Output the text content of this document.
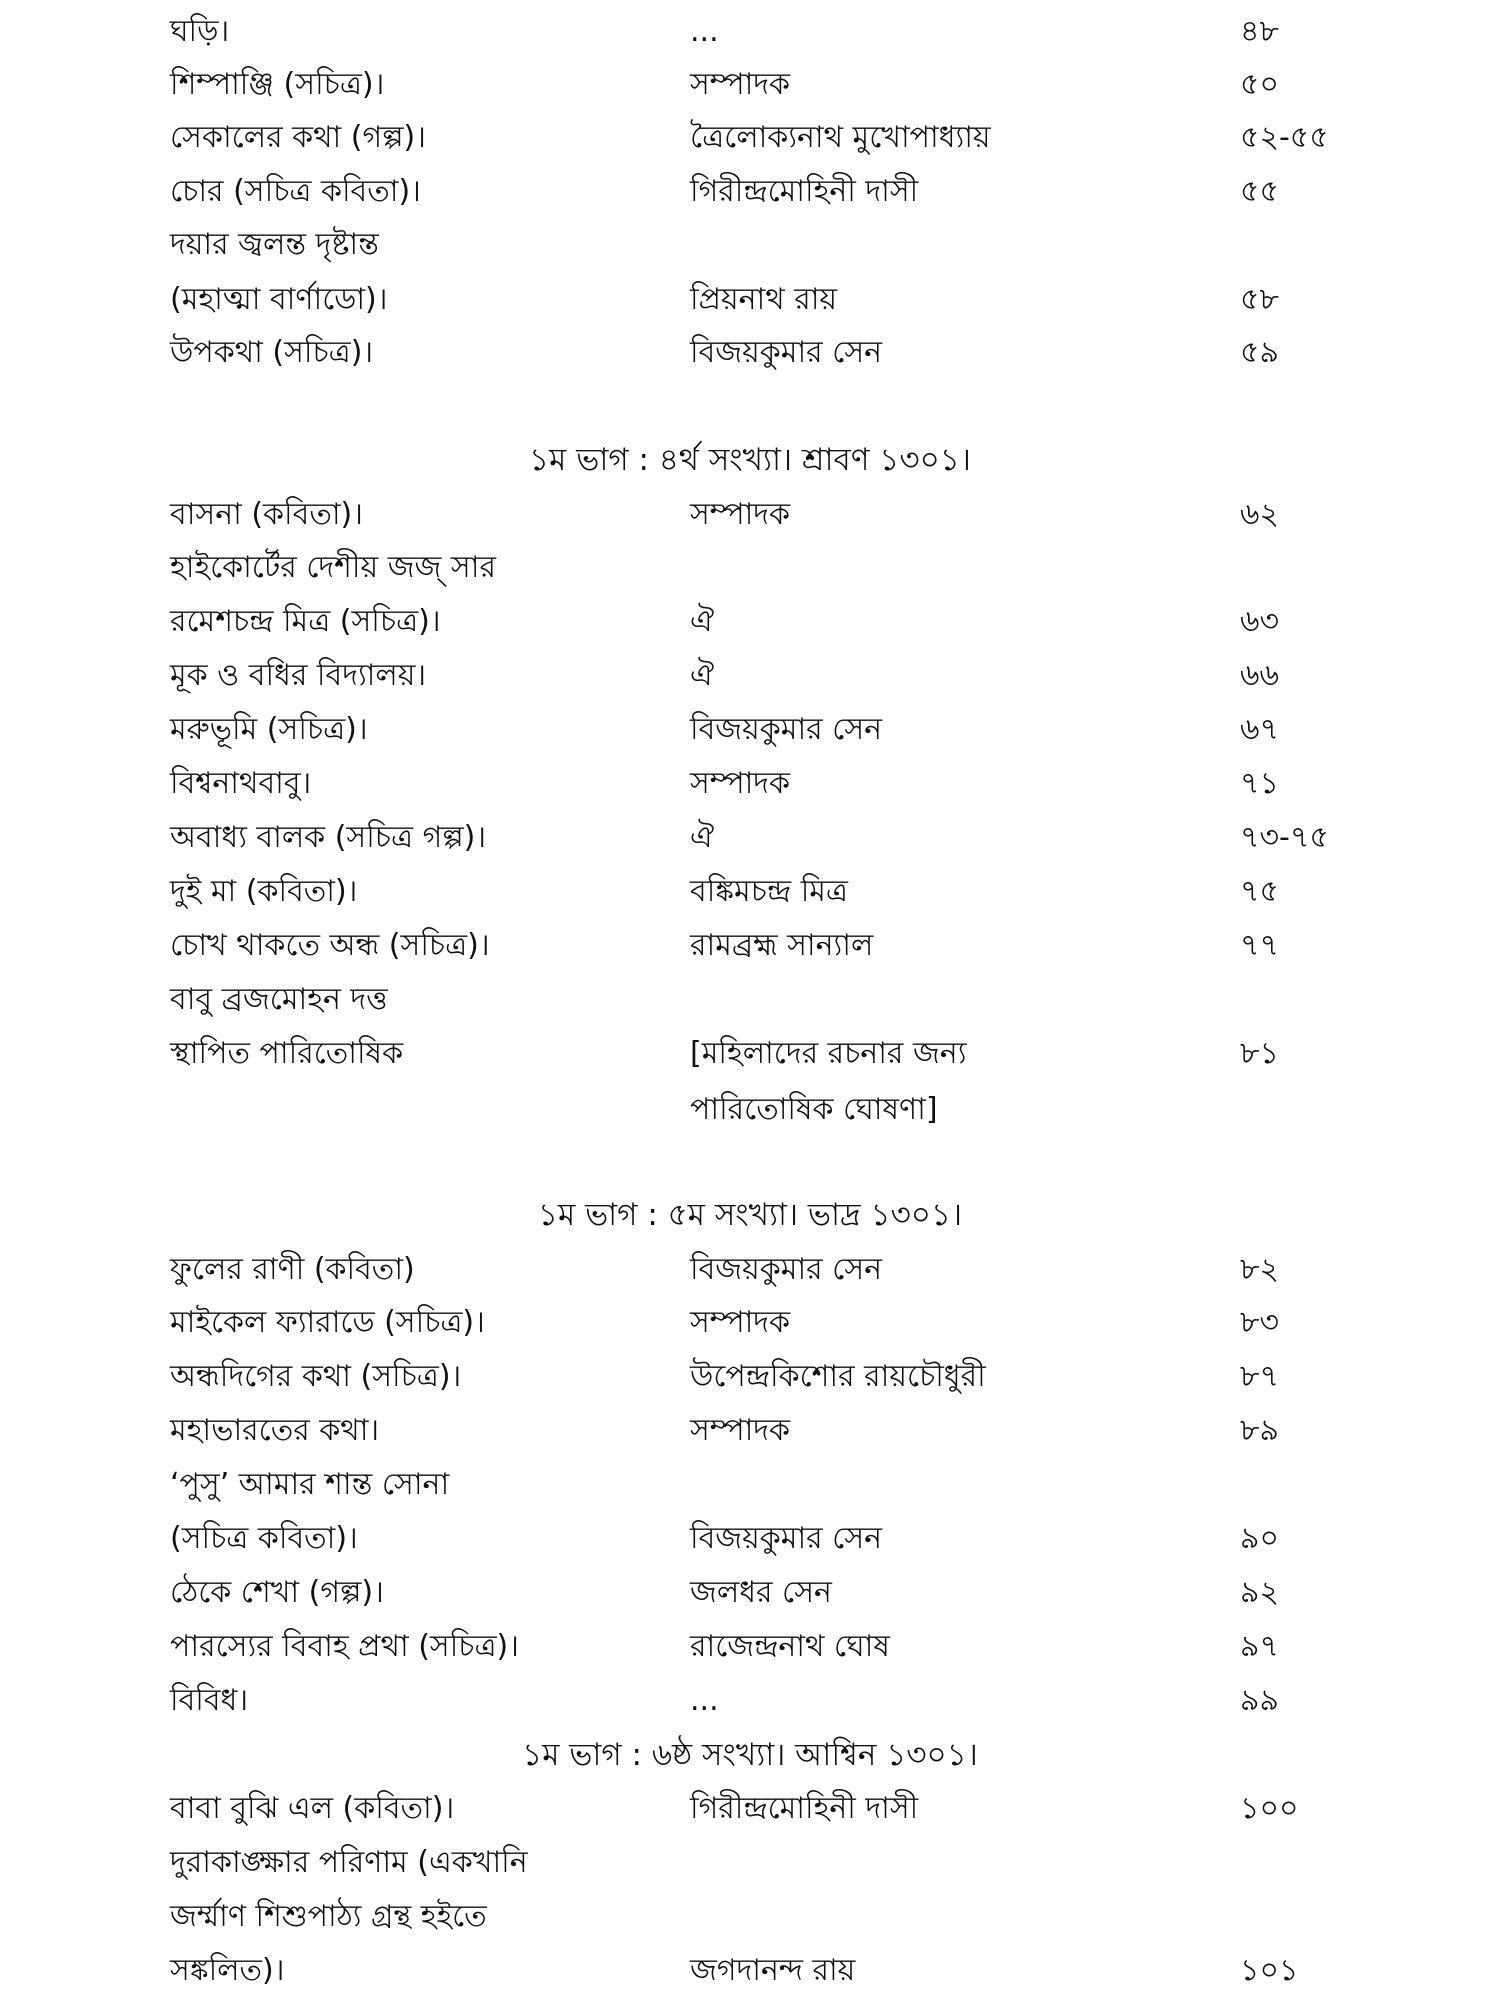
ঘড়ি।	...	৪৮
শিম্পাঞ্জি (সচিত্র)।	সম্পাদক	৫০
সেকালের কথা (গল্প)।	ত্রৈলোক্যনাথ মুখোপাধ্যায়	৫২-৫৫
চোর (সচিত্র কবিতা)।	গিরীন্দ্রমোহিনী দাসী	৫৫
দয়ার জ্বলন্ত দৃষ্টান্ত
(মহাত্মা বার্ণাডো)।	প্রিয়নাথ রায়	৫৮
উপকথা (সচিত্র)।	বিজয়কুমার সেন	৫৯
১ম ভাগ : ৪র্থ সংখ্যা। শ্রাবণ ১৩০১।
বাসনা (কবিতা)।	সম্পাদক	৬২
হাইকোর্টের দেশীয় জজ্ সার
রমেশচন্দ্র মিত্র (সচিত্র)।	ঐ	৬৩
মূক ও বধির বিদ্যালয়।	ঐ	৬৬
মরুভূমি (সচিত্র)।	বিজয়কুমার সেন	৬৭
বিশ্বনাথবাবু।	সম্পাদক	৭১
অবাধ্য বালক (সচিত্র গল্প)।	ঐ	৭৩-৭৫
দুই মা (কবিতা)।	বঙ্কিমচন্দ্র মিত্র	৭৫
চোখ থাকতে অন্ধ (সচিত্র)।	রামব্রহ্ম সান্যাল	৭৭
বাবু ব্রজমোহন দত্ত
স্থাপিত পারিতোষিক	[মহিলাদের রচনার জন্য	৮১
পারিতোষিক ঘোষণা]
১ম ভাগ : ৫ম সংখ্যা। ভাদ্র ১৩০১।
ফুলের রাণী (কবিতা)	বিজয়কুমার সেন	৮২
মাইকেল ফ্যারাডে (সচিত্র)।	সম্পাদক	৮৩
অন্ধদিগের কথা (সচিত্র)।	উপেন্দ্রকিশোর রায়চৌধুরী	৮৭
মহাভারতের কথা।	সম্পাদক	৮৯
‘পুসু’ আমার শান্ত সোনা
(সচিত্র কবিতা)।	বিজয়কুমার সেন	৯০
ঠেকে শেখা (গল্প)।	জলধর সেন	৯২
পারস্যের বিবাহ প্রথা (সচিত্র)।	রাজেন্দ্রনাথ ঘোষ	৯৭
বিবিধ।	...	৯৯
১ম ভাগ : ৬ষ্ঠ সংখ্যা। আশ্বিন ১৩০১।
বাবা বুঝি এল (কবিতা)।	গিরীন্দ্রমোহিনী দাসী	১০০
দুরাকাঙ্ক্ষার পরিণাম (একখানি
জর্ম্মাণ শিশুপাঠ্য গ্রন্থ হইতে
সঙ্কলিত)।	জগদানন্দ রায়	১০১
